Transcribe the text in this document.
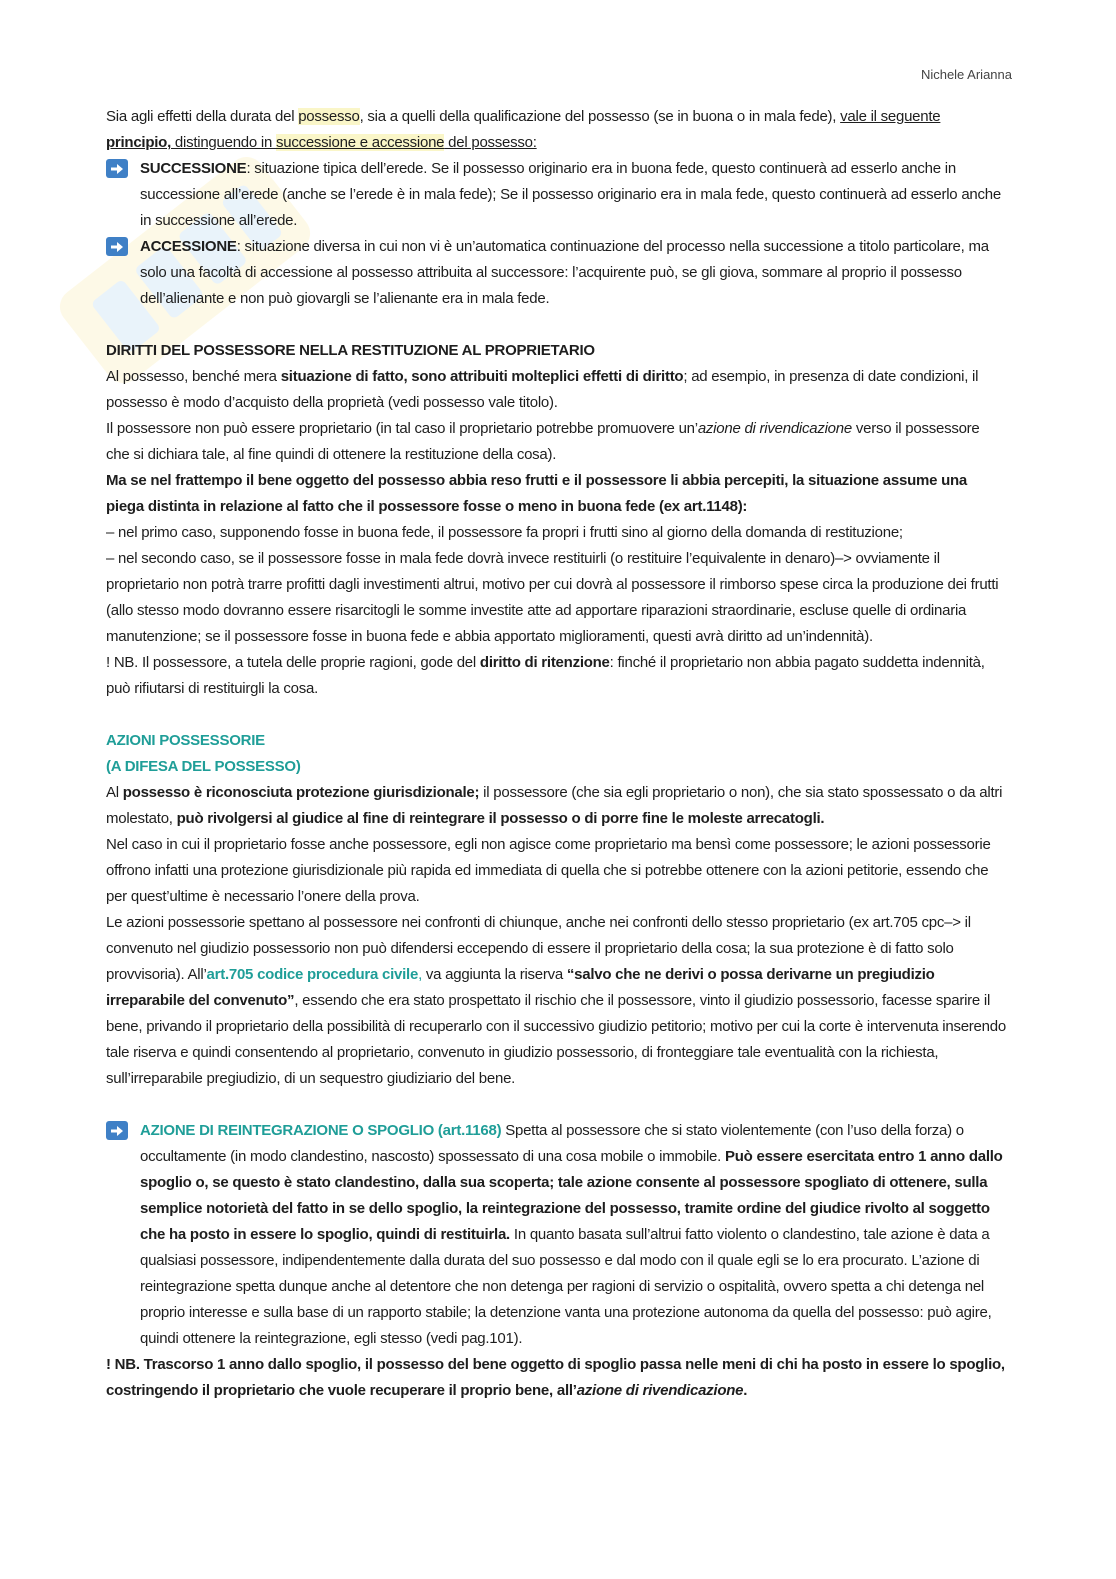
Nichele Arianna

Sia agli effetti della durata del possesso, sia a quelli della qualificazione del possesso (se in buona o in mala fede), vale il seguente
principio, distinguendo in successione e accessione del possesso:

SUCCESSIONE: situazione tipica dell’erede. Se il possesso originario era in buona fede, questo continuerà ad esserlo anche in successione all’erede (anche se l’erede è in mala fede); Se il possesso originario era in mala fede, questo continuerà ad esserlo anche in successione all’erede.
ACCESSIONE: situazione diversa in cui non vi è un’automatica continuazione del processo nella successione a titolo particolare, ma solo una facoltà di accessione al possesso attribuita al successore: l’acquirente può, se gli giova, sommare al proprio il possesso dell’alienante e non può giovargli se l’alienante era in mala fede.

DIRITTI DEL POSSESSORE NELLA RESTITUZIONE AL PROPRIETARIO

Al possesso, benché mera situazione di fatto, sono attribuiti molteplici effetti di diritto; ad esempio, in presenza di date condizioni, il possesso è modo d’acquisto della proprietà (vedi possesso vale titolo).

Il possessore non può essere proprietario (in tal caso il proprietario potrebbe promuovere un’azione di rivendicazione verso il possessore che si dichiara tale, al fine quindi di ottenere la restituzione della cosa).

Ma se nel frattempo il bene oggetto del possesso abbia reso frutti e il possessore li abbia percepiti, la situazione assume una piega distinta in relazione al fatto che il possessore fosse o meno in buona fede (ex art.1148):

– nel primo caso, supponendo fosse in buona fede, il possessore fa propri i frutti sino al giorno della domanda di restituzione;

– nel secondo caso, se il possessore fosse in mala fede dovrà invece restituirli (o restituire l’equivalente in denaro)–> ovviamente il proprietario non potrà trarre profitti dagli investimenti altrui, motivo per cui dovrà al possessore il rimborso spese circa la produzione dei frutti (allo stesso modo dovranno essere risarcitogli le somme investite atte ad apportare riparazioni straordinarie, escluse quelle di ordinaria manutenzione; se il possessore fosse in buona fede e abbia apportato miglioramenti, questi avrà diritto ad un’indennità).

! NB. Il possessore, a tutela delle proprie ragioni, gode del diritto di ritenzione: finché il proprietario non abbia pagato suddetta indennità, può rifiutarsi di restituirgli la cosa.

AZIONI POSSESSORIE

(A DIFESA DEL POSSESSO)

Al possesso è riconosciuta protezione giurisdizionale; il possessore (che sia egli proprietario o non), che sia stato spossessato o da altri molestato, può rivolgersi al giudice al fine di reintegrare il possesso o di porre fine le moleste arrecatogli.

Nel caso in cui il proprietario fosse anche possessore, egli non agisce come proprietario ma bensì come possessore; le azioni possessorie offrono infatti una protezione giurisdizionale più rapida ed immediata di quella che si potrebbe ottenere con la azioni petitorie, essendo che per quest’ultime è necessario l’onere della prova.

Le azioni possessorie spettano al possessore nei confronti di chiunque, anche nei confronti dello stesso proprietario (ex art.705 cpc–> il convenuto nel giudizio possessorio non può difendersi eccependo di essere il proprietario della cosa; la sua protezione è di fatto solo provvisoria). All’art.705 codice procedura civile, va aggiunta la riserva “salvo che ne derivi o possa derivarne un pregiudizio irreparabile del convenuto”, essendo che era stato prospettato il rischio che il possessore, vinto il giudizio possessorio, facesse sparire il bene, privando il proprietario della possibilità di recuperarlo con il successivo giudizio petitorio; motivo per cui la corte è intervenuta inserendo tale riserva e quindi consentendo al proprietario, convenuto in giudizio possessorio, di fronteggiare tale eventualità con la richiesta, sull’irreparabile pregiudizio, di un sequestro giudiziario del bene.

AZIONE DI REINTEGRAZIONE O SPOGLIO (art.1168) Spetta al possessore che si stato violentemente (con l’uso della forza) o occultamente (in modo clandestino, nascosto) spossessato di una cosa mobile o immobile. Può essere esercitata entro 1 anno dallo spoglio o, se questo è stato clandestino, dalla sua scoperta; tale azione consente al possessore spogliato di ottenere, sulla semplice notorietà del fatto in se dello spoglio, la reintegrazione del possesso, tramite ordine del giudice rivolto al soggetto che ha posto in essere lo spoglio, quindi di restituirla. In quanto basata sull’altrui fatto violento o clandestino, tale azione è data a qualsiasi possessore, indipendentemente dalla durata del suo possesso e dal modo con il quale egli se lo era procurato. L’azione di reintegrazione spetta dunque anche al detentore che non detenga per ragioni di servizio o ospitalità, ovvero spetta a chi detenga nel proprio interesse e sulla base di un rapporto stabile; la detenzione vanta una protezione autonoma da quella del possesso: può agire, quindi ottenere la reintegrazione, egli stesso (vedi pag.101).

! NB. Trascorso 1 anno dallo spoglio, il possesso del bene oggetto di spoglio passa nelle meni di chi ha posto in essere lo spoglio, costringendo il proprietario che vuole recuperare il proprio bene, all’azione di rivendicazione.
